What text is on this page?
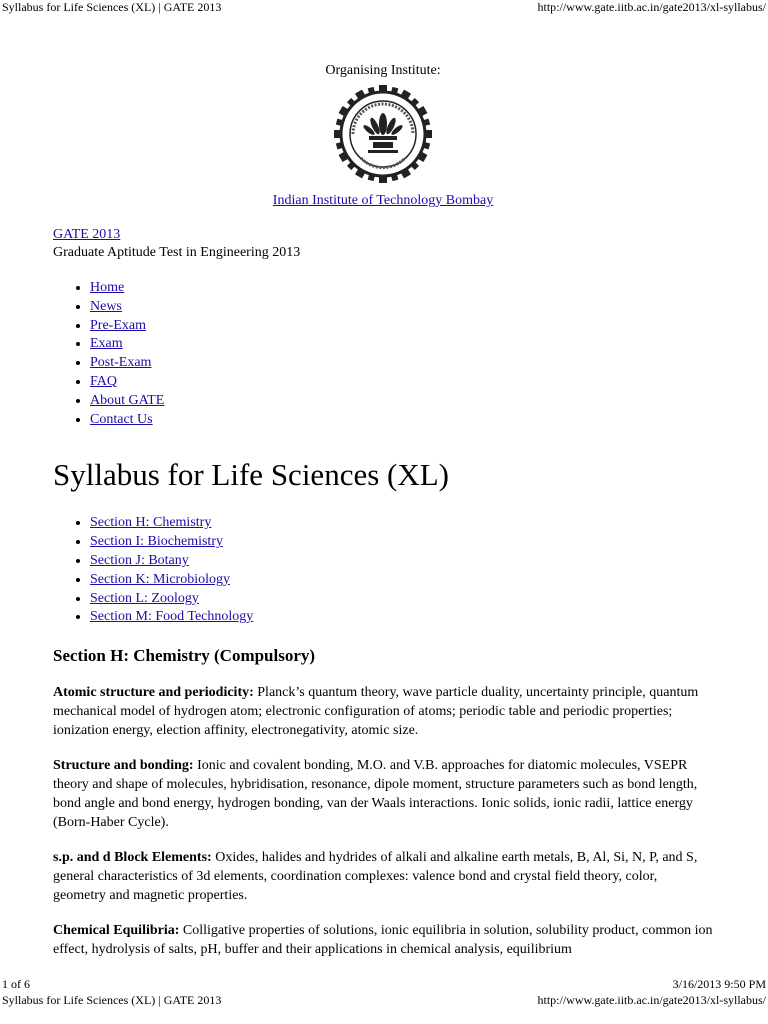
Syllabus for Life Sciences (XL) | GATE 2013	http://www.gate.iitb.ac.in/gate2013/xl-syllabus/
Organising Institute:
Indian Institute of Technology Bombay
GATE 2013
Graduate Aptitude Test in Engineering 2013
• Home
• News
• Pre-Exam
• Exam
• Post-Exam
• FAQ
• About GATE
• Contact Us
Syllabus for Life Sciences (XL)
• Section H: Chemistry
• Section I: Biochemistry
• Section J: Botany
• Section K: Microbiology
• Section L: Zoology
• Section M: Food Technology
Section H: Chemistry (Compulsory)

Atomic structure and periodicity: Planck’s quantum theory, wave particle duality, uncertainty principle, quantum mechanical model of hydrogen atom; electronic configuration of atoms; periodic table and periodic properties; ionization energy, election affinity, electronegativity, atomic size.

Structure and bonding: Ionic and covalent bonding, M.O. and V.B. approaches for diatomic molecules, VSEPR theory and shape of molecules, hybridisation, resonance, dipole moment, structure parameters such as bond length, bond angle and bond energy, hydrogen bonding, van der Waals interactions. Ionic solids, ionic radii, lattice energy (Born-Haber Cycle).

s.p. and d Block Elements: Oxides, halides and hydrides of alkali and alkaline earth metals, B, Al, Si, N, P, and S, general characteristics of 3d elements, coordination complexes: valence bond and crystal field theory, color, geometry and magnetic properties.

Chemical Equilibria: Colligative properties of solutions, ionic equilibria in solution, solubility product, common ion effect, hydrolysis of salts, pH, buffer and their applications in chemical analysis, equilibrium

1 of 6	3/16/2013 9:50 PM
Syllabus for Life Sciences (XL) | GATE 2013	http://www.gate.iitb.ac.in/gate2013/xl-syllabus/
